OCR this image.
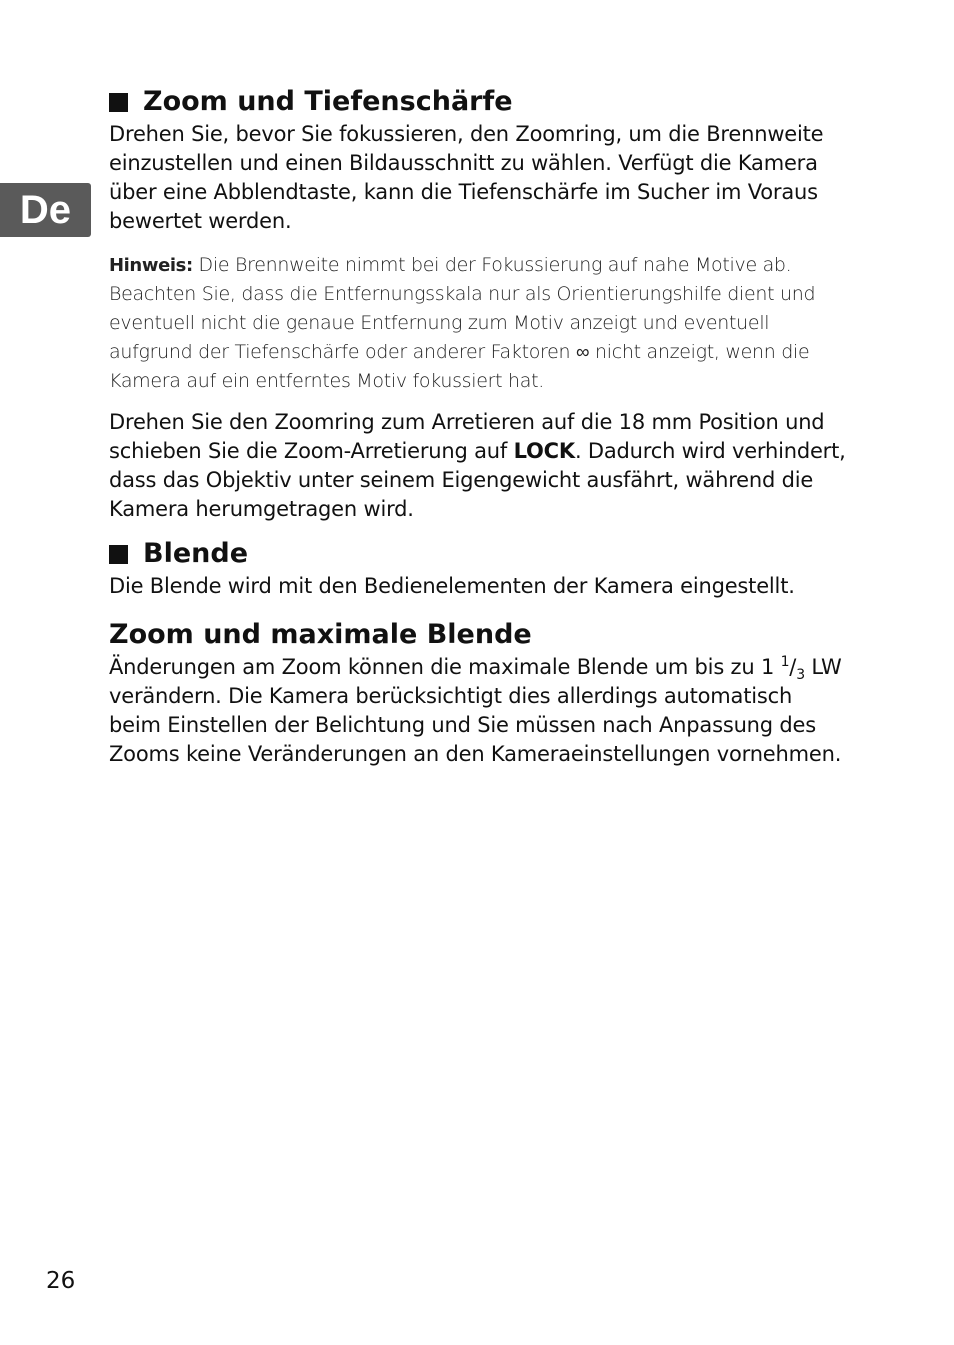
De
Zoom und Tiefenschärfe

Drehen Sie, bevor Sie fokussieren, den Zoomring, um die Brennweite einzustellen und einen Bildausschnitt zu wählen. Verfügt die Kamera über eine Abblendtaste, kann die Tiefenschärfe im Sucher im Voraus bewertet werden.

Hinweis: Die Brennweite nimmt bei der Fokussierung auf nahe Motive ab. Beachten Sie, dass die Entfernungsskala nur als Orientierungshilfe dient und eventuell nicht die genaue Entfernung zum Motiv anzeigt und eventuell aufgrund der Tiefenschärfe oder anderer Faktoren ∞ nicht anzeigt, wenn die Kamera auf ein entferntes Motiv fokussiert hat.

Drehen Sie den Zoomring zum Arretieren auf die 18 mm Position und schieben Sie die Zoom-Arretierung auf LOCK. Dadurch wird verhindert, dass das Objektiv unter seinem Eigengewicht ausfährt, während die Kamera herumgetragen wird.

Blende

Die Blende wird mit den Bedienelementen der Kamera eingestellt.

Zoom und maximale Blende

Änderungen am Zoom können die maximale Blende um bis zu 1 $^1/_3$ LW verändern. Die Kamera berücksichtigt dies allerdings automatisch beim Einstellen der Belichtung und Sie müssen nach Anpassung des Zooms keine Veränderungen an den Kameraeinstellungen vornehmen.

26
